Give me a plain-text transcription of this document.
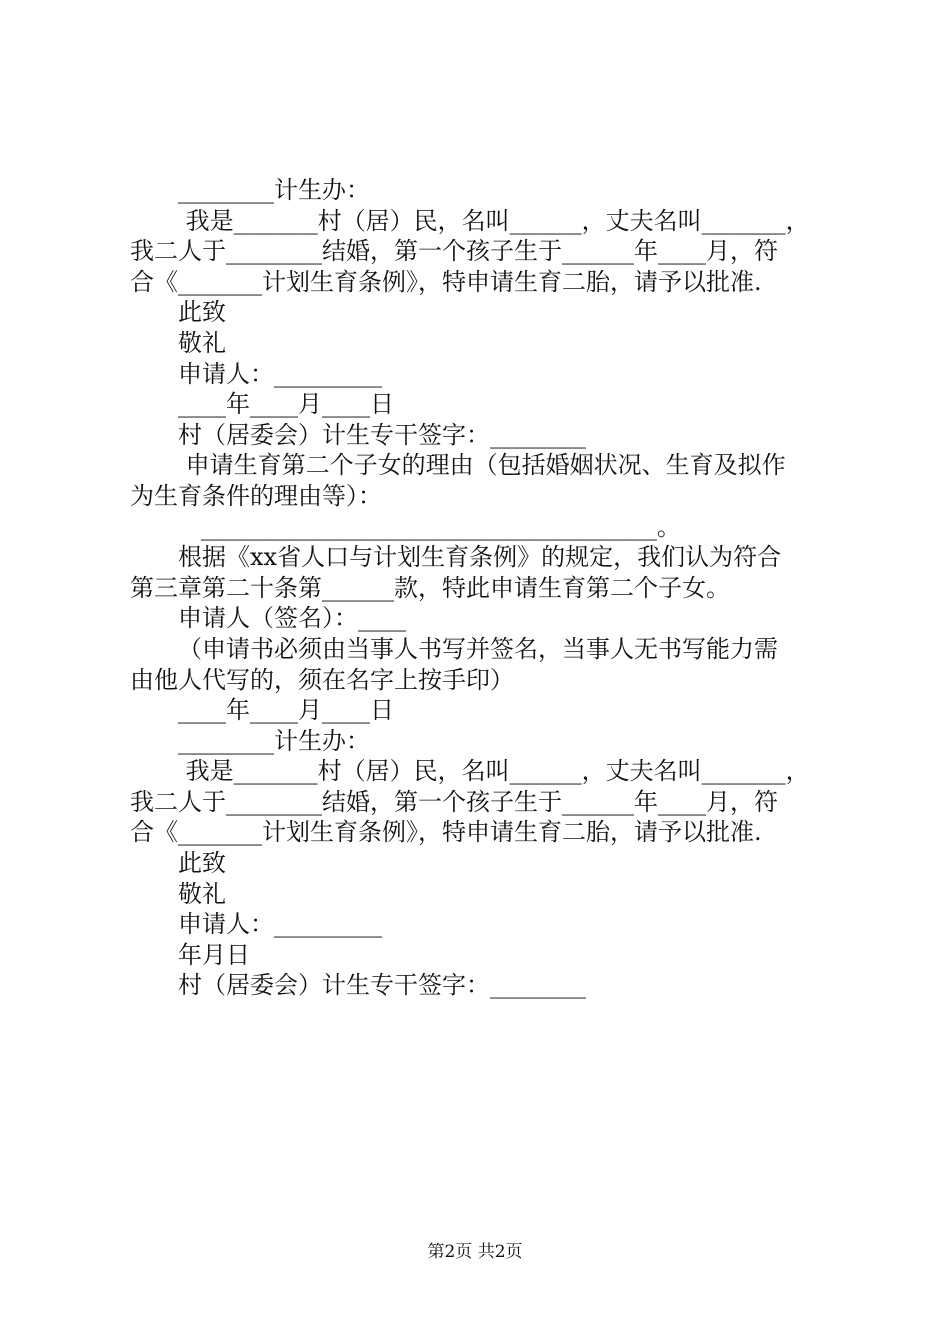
________计生办：

我是_______村（居）民，名叫______，丈夫名叫_______，

我二人于________结婚，第一个孩子生于______年____月，符

合《_______计划生育条例》，特申请生育二胎，请予以批准.

此致

敬礼

申请人：_________

____年____月____日

村（居委会）计生专干签字：________

申请生育第二个子女的理由（包括婚姻状况、生育及拟作

为生育条件的理由等）：

______________________________________。

根据《xx省人口与计划生育条例》的规定，我们认为符合

第三章第二十条第______款，特此申请生育第二个子女。

申请人（签名）：____

（申请书必须由当事人书写并签名，当事人无书写能力需

由他人代写的，须在名字上按手印）

____年____月____日

________计生办：

我是_______村（居）民，名叫______，丈夫名叫_______，

我二人于________结婚，第一个孩子生于______年____月，符

合《_______计划生育条例》，特申请生育二胎，请予以批准.

此致

敬礼

申请人：_________

年月日

村（居委会）计生专干签字：________

第2页 共2页
